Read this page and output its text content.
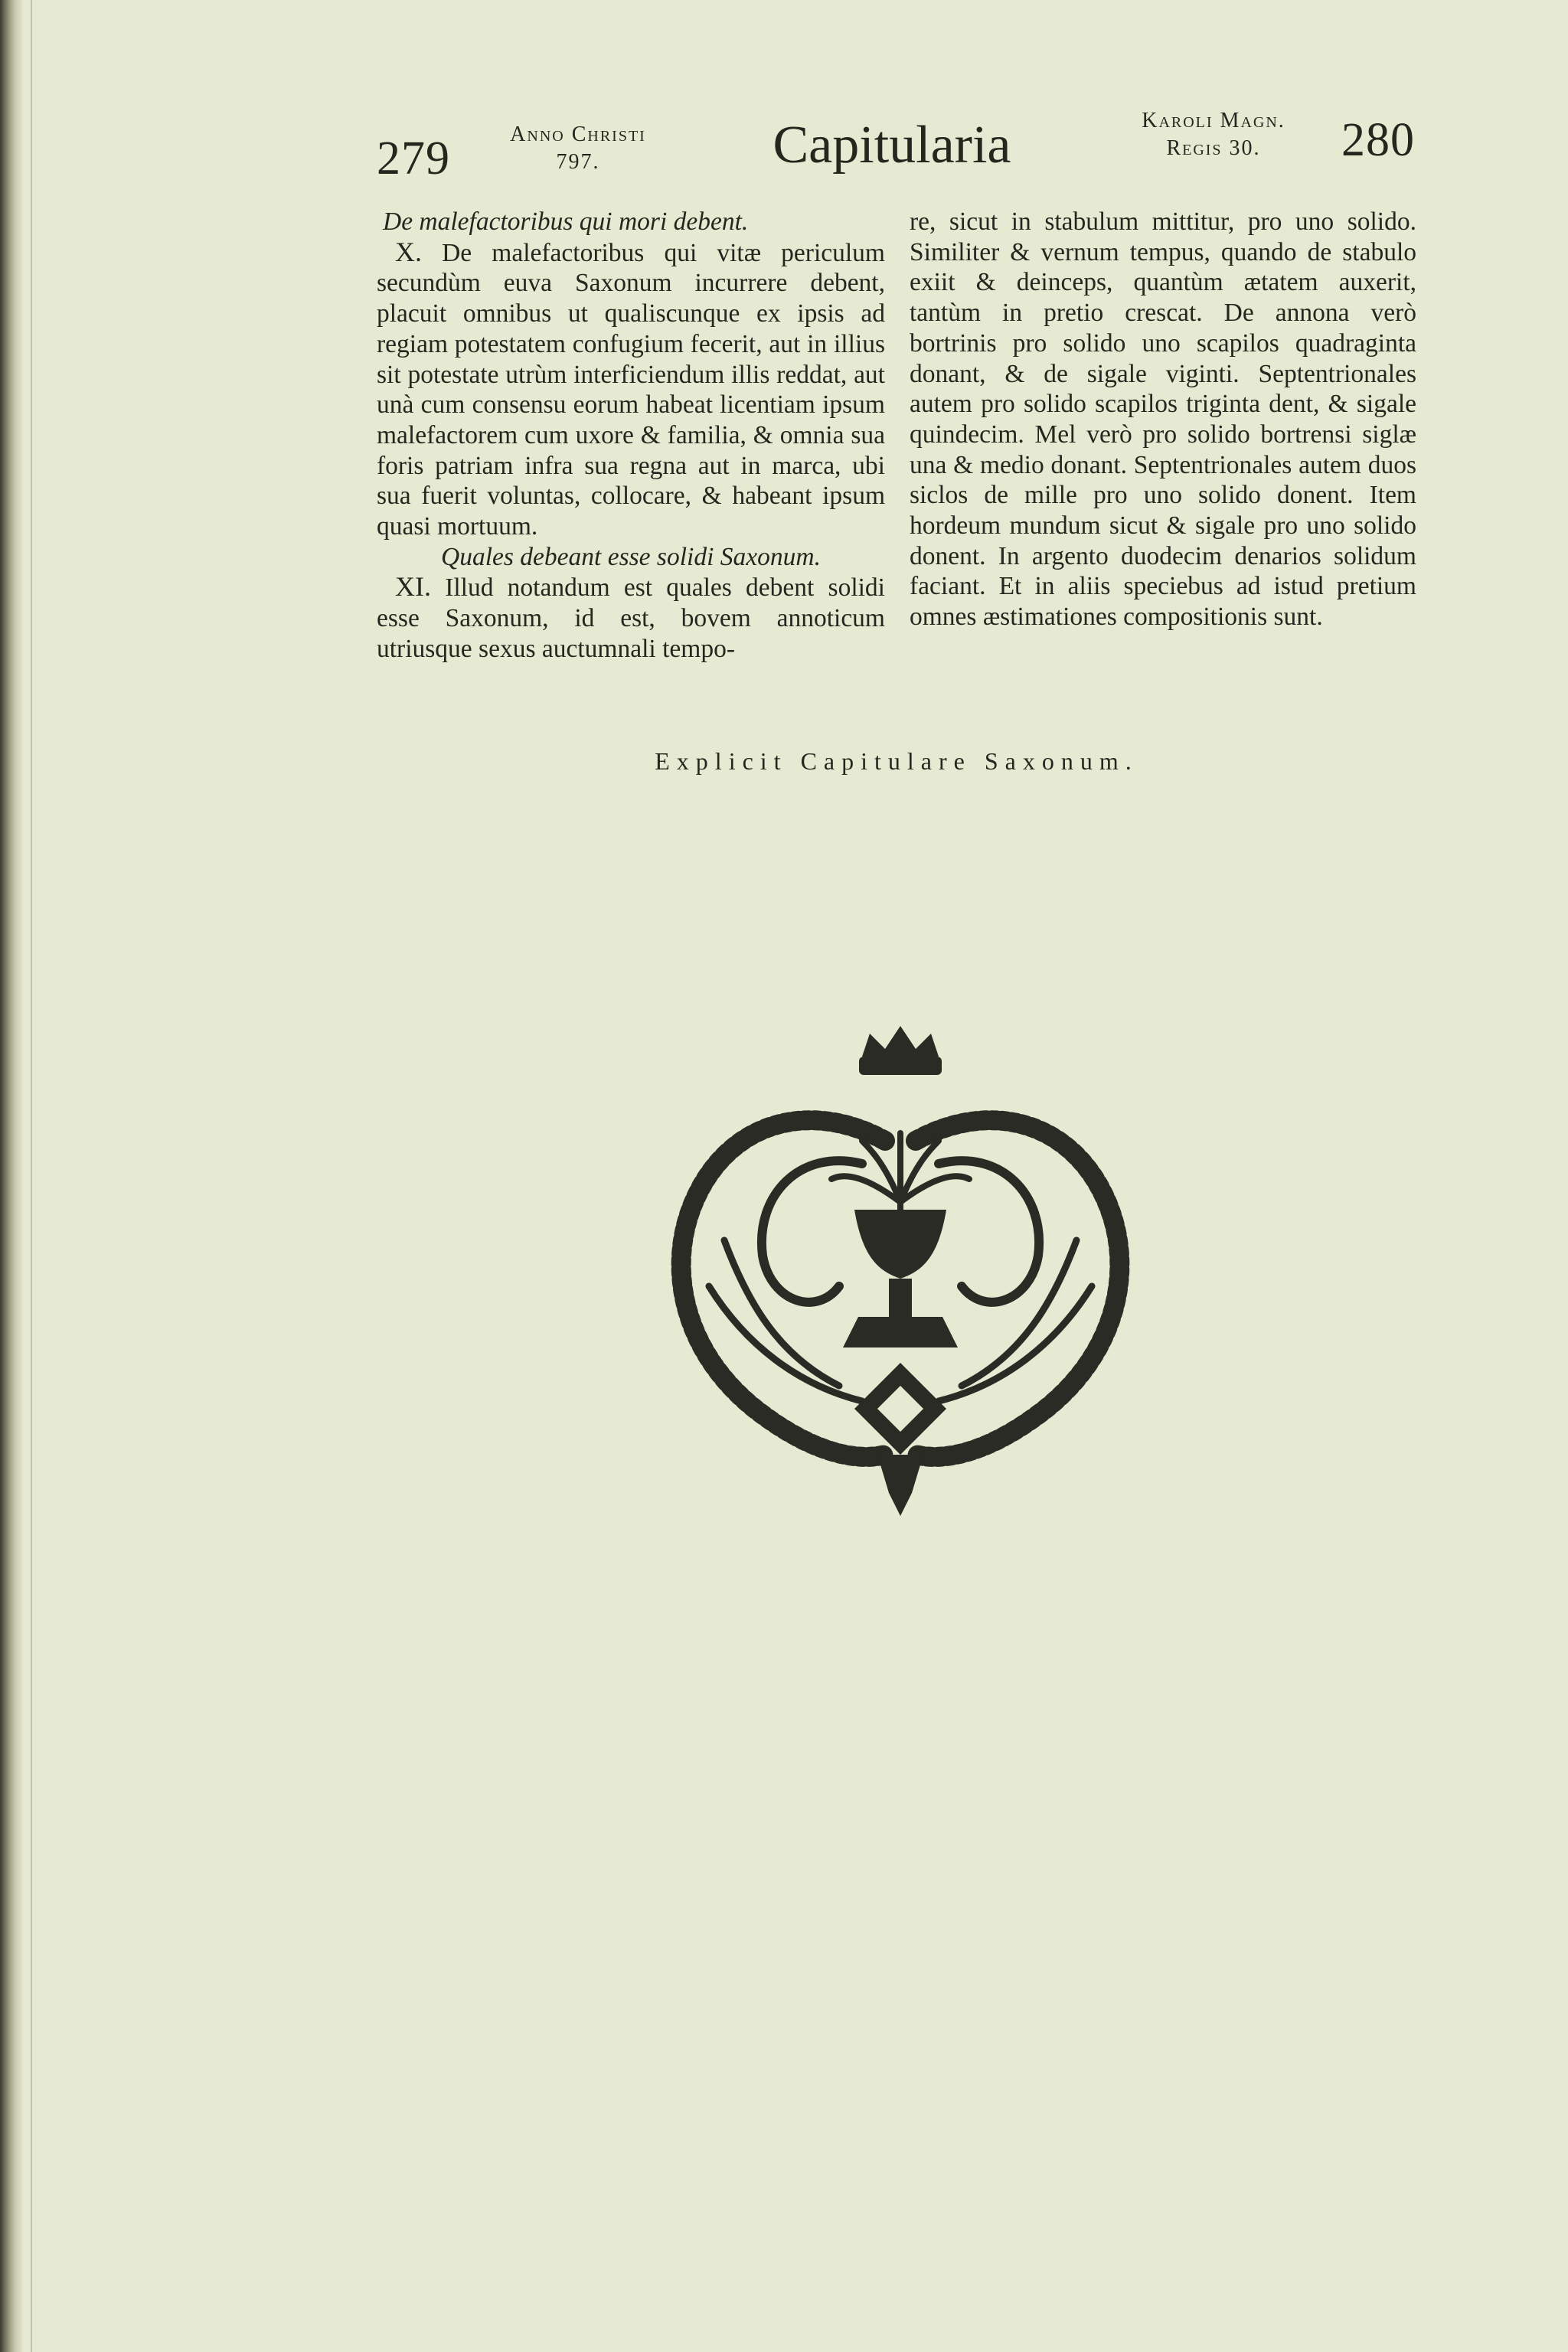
279	Anno Christi
797.	Capitularia	Karoli Magn.
Regis 30.	280

De malefactoribus qui mori debent.

X. De malefactoribus qui vitæ periculum secundùm euva Saxonum incurrere debent, placuit omnibus ut qualiscunque ex ipsis ad regiam potestatem confugium fecerit, aut in illius sit potestate utrùm interficiendum illis reddat, aut unà cum consensu eorum habeat licentiam ipsum malefactorem cum uxore & familia, & omnia sua foris patriam infra sua regna aut in marca, ubi sua fuerit voluntas, collocare, & habeant ipsum quasi mortuum.

Quales debeant esse solidi Saxonum.

XI. Illud notandum est quales debent solidi esse Saxonum, id est, bovem annoticum utriusque sexus auctumnali tempo-

re, sicut in stabulum mittitur, pro uno solido. Similiter & vernum tempus, quando de stabulo exiit & deinceps, quantùm ætatem auxerit, tantùm in pretio crescat. De annona verò bortrinis pro solido uno scapilos quadraginta donant, & de sigale viginti. Septentrionales autem pro solido scapilos triginta dent, & sigale quindecim. Mel verò pro solido bortrensi siglæ una & medio donant. Septentrionales autem duos siclos de mille pro uno solido donent. Item hordeum mundum sicut & sigale pro uno solido donent. In argento duodecim denarios solidum faciant. Et in aliis speciebus ad istud pretium omnes æstimationes compositionis sunt.

Explicit Capitulare Saxonum.
